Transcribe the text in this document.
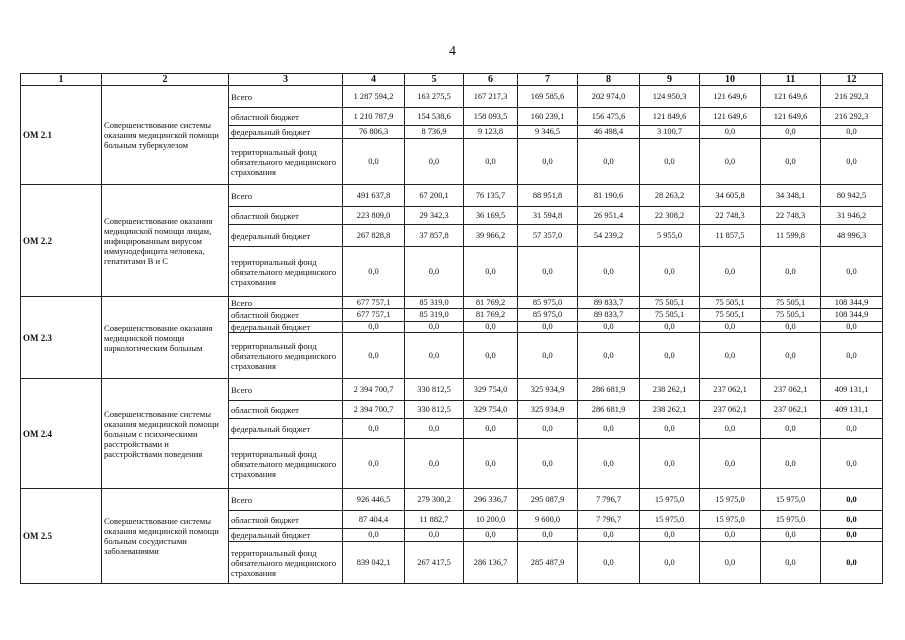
4
1	2	3	4	5	6	7	8	9	10	11	12
ОМ 2.1	Совершенствование системы оказания медицинской помощи больным туберкулезом	Всего	1 287 594,2	163 275,5	167 217,3	169 585,6	202 974,0	124 950,3	121 649,6	121 649,6	216 292,3
		областной бюджет	1 210 787,9	154 538,6	158 093,5	160 239,1	156 475,6	121 849,6	121 649,6	121 649,6	216 292,3
		федеральный бюджет	76 806,3	8 736,9	9 123,8	9 346,5	46 498,4	3 100,7	0,0	0,0	0,0
		территориальный фонд обязательного медицинского страхования	0,0	0,0	0,0	0,0	0,0	0,0	0,0	0,0	0,0
ОМ 2.2	Совершенствование оказания медицинской помощи лицам, инфицированным вирусом иммунодефицита человека, гепатитами В и С	Всего	491 637,8	67 200,1	76 135,7	88 951,8	81 190,6	28 263,2	34 605,8	34 348,1	80 942,5
		областной бюджет	223 809,0	29 342,3	36 169,5	31 594,8	26 951,4	22 308,2	22 748,3	22 748,3	31 946,2
		федеральный бюджет	267 828,8	37 857,8	39 966,2	57 357,0	54 239,2	5 955,0	11 857,5	11 599,8	48 996,3
		территориальный фонд обязательного медицинского страхования	0,0	0,0	0,0	0,0	0,0	0,0	0,0	0,0	0,0
ОМ 2.3	Совершенствование оказания медицинской помощи наркологическим больным	Всего	677 757,1	85 319,0	81 769,2	85 975,0	89 833,7	75 505,1	75 505,1	75 505,1	108 344,9
		областной бюджет	677 757,1	85 319,0	81 769,2	85 975,0	89 833,7	75 505,1	75 505,1	75 505,1	108 344,9
		федеральный бюджет	0,0	0,0	0,0	0,0	0,0	0,0	0,0	0,0	0,0
		территориальный фонд обязательного медицинского страхования	0,0	0,0	0,0	0,0	0,0	0,0	0,0	0,0	0,0
ОМ 2.4	Совершенствование системы оказания медицинской помощи больным с психическими расстройствами и расстройствами поведения	Всего	2 394 700,7	330 812,5	329 754,0	325 934,9	286 681,9	238 262,1	237 062,1	237 062,1	409 131,1
		областной бюджет	2 394 700,7	330 812,5	329 754,0	325 934,9	286 681,9	238 262,1	237 062,1	237 062,1	409 131,1
		федеральный бюджет	0,0	0,0	0,0	0,0	0,0	0,0	0,0	0,0	0,0
		территориальный фонд обязательного медицинского страхования	0,0	0,0	0,0	0,0	0,0	0,0	0,0	0,0	0,0
ОМ 2.5	Совершенствование системы оказания медицинской помощи больным сосудистыми заболеваниями	Всего	926 446,5	279 300,2	296 336,7	295 087,9	7 796,7	15 975,0	15 975,0	15 975,0	0,0
		областной бюджет	87 404,4	11 882,7	10 200,0	9 600,0	7 796,7	15 975,0	15 975,0	15 975,0	0,0
		федеральный бюджет	0,0	0,0	0,0	0,0	0,0	0,0	0,0	0,0	0,0
		территориальный фонд обязательного медицинского страхования	839 042,1	267 417,5	286 136,7	285 487,9	0,0	0,0	0,0	0,0	0,0
